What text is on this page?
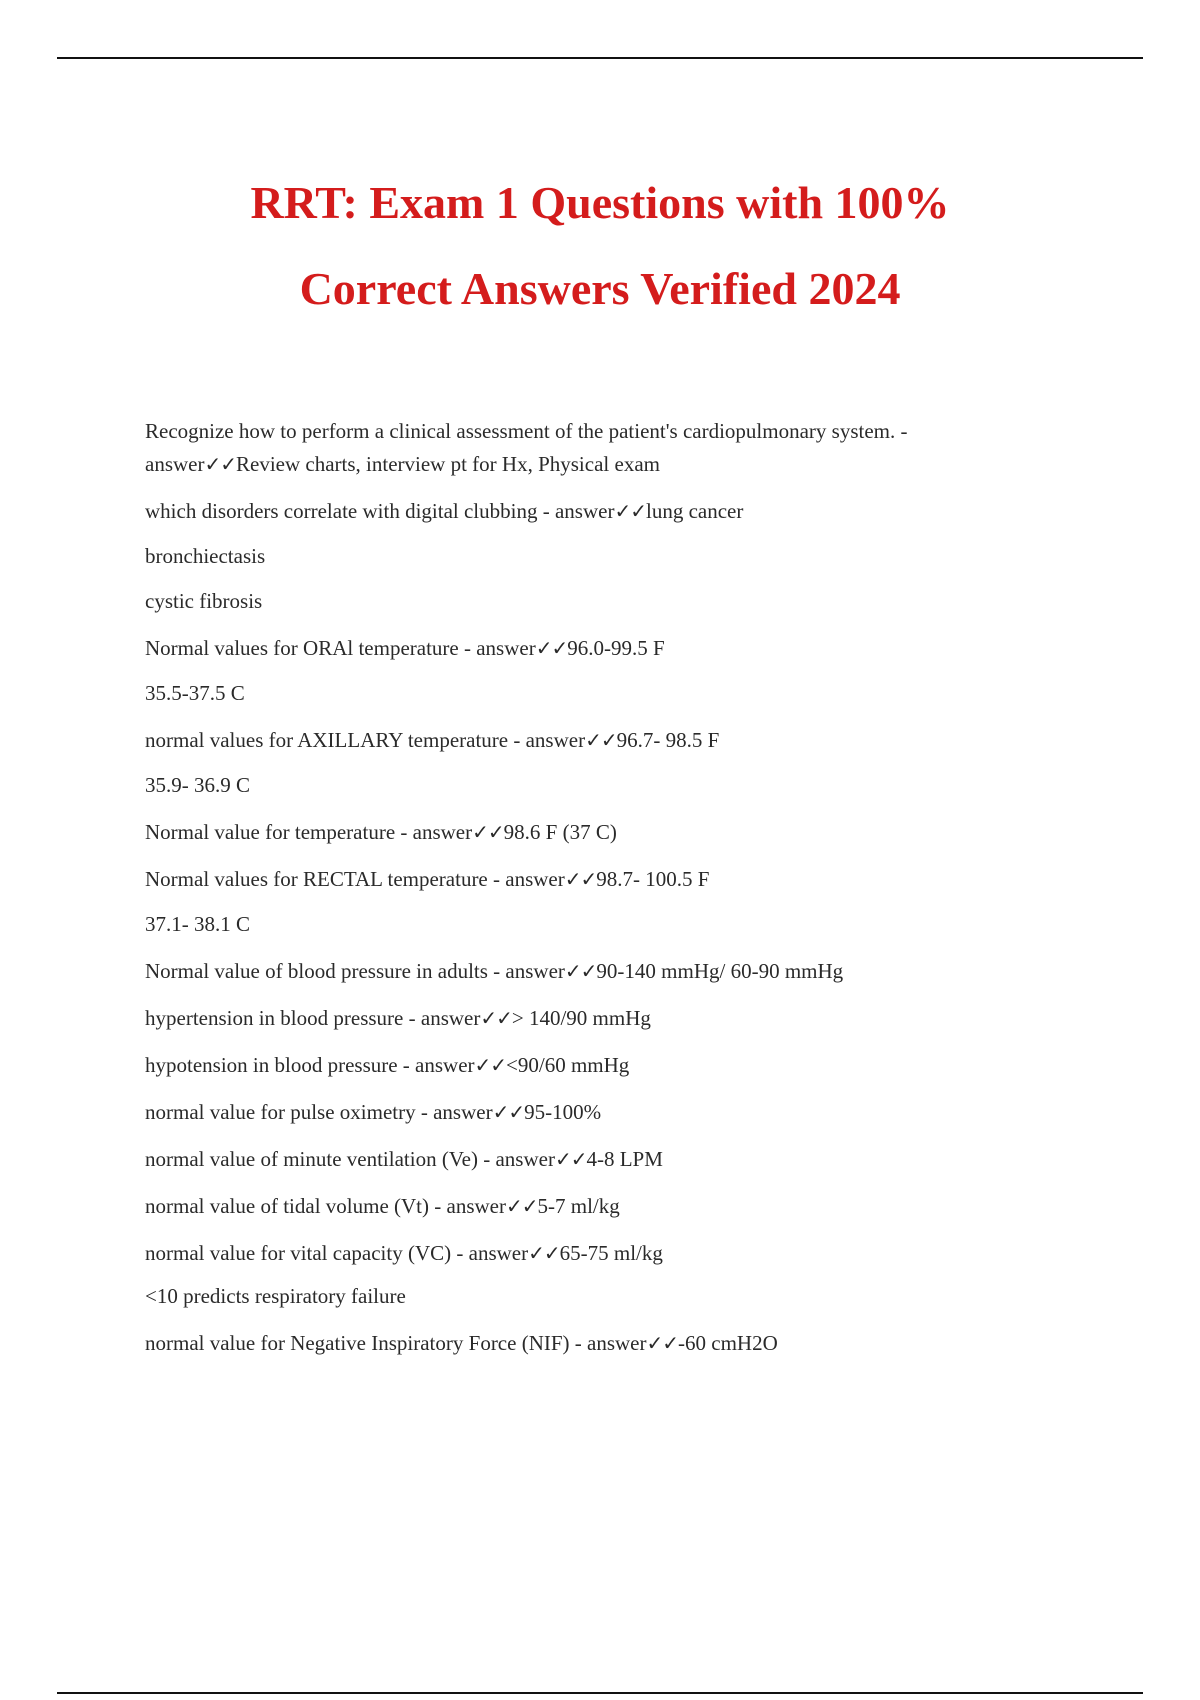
RRT: Exam 1 Questions with 100%
Correct Answers Verified 2024

Recognize how to perform a clinical assessment of the patient's cardiopulmonary system. -
answer✓✓Review charts, interview pt for Hx, Physical exam

which disorders correlate with digital clubbing - answer✓✓lung cancer

bronchiectasis

cystic fibrosis

Normal values for ORAl temperature - answer✓✓96.0-99.5 F

35.5-37.5 C

normal values for AXILLARY temperature - answer✓✓96.7- 98.5 F

35.9- 36.9 C

Normal value for temperature - answer✓✓98.6 F (37 C)

Normal values for RECTAL temperature - answer✓✓98.7- 100.5 F

37.1- 38.1 C

Normal value of blood pressure in adults - answer✓✓90-140 mmHg/ 60-90 mmHg

hypertension in blood pressure - answer✓✓> 140/90 mmHg

hypotension in blood pressure - answer✓✓<90/60 mmHg

normal value for pulse oximetry - answer✓✓95-100%

normal value of minute ventilation (Ve) - answer✓✓4-8 LPM

normal value of tidal volume (Vt) - answer✓✓5-7 ml/kg

normal value for vital capacity (VC) - answer✓✓65-75 ml/kg

<10 predicts respiratory failure

normal value for Negative Inspiratory Force (NIF) - answer✓✓-60 cmH2O
